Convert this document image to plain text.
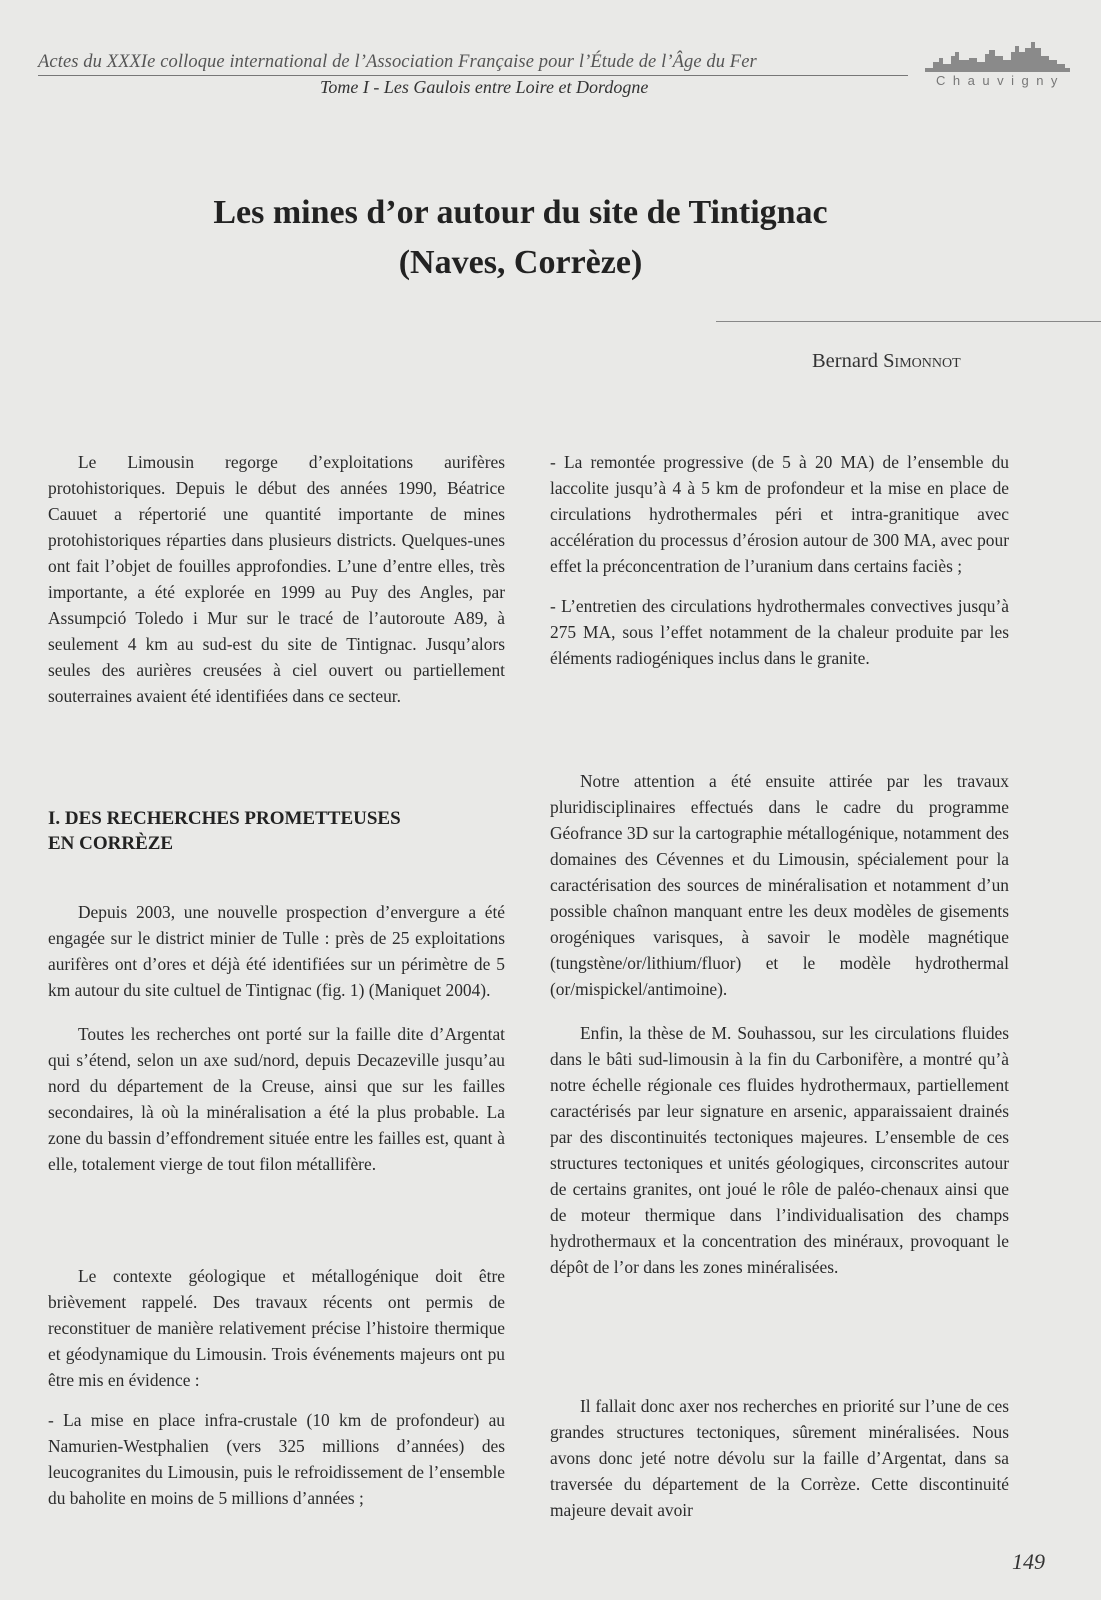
Actes du XXXIe colloque international de l’Association Française pour l’Étude de l’Âge du Fer
Tome I - Les Gaulois entre Loire et Dordogne	Chauvigny
Les mines d’or autour du site de Tintignac
(Naves, Corrèze)
Bernard Simonnot

Le Limousin regorge d’exploitations aurifères protohistoriques. Depuis le début des années 1990, Béatrice Cauuet a répertorié une quantité importante de mines protohistoriques réparties dans plusieurs districts. Quelques-unes ont fait l’objet de fouilles approfondies. L’une d’entre elles, très importante, a été explorée en 1999 au Puy des Angles, par Assumpció Toledo i Mur sur le tracé de l’autoroute A89, à seulement 4 km au sud-est du site de Tintignac. Jusqu’alors seules des aurières creusées à ciel ouvert ou partiellement souterraines avaient été identifiées dans ce secteur.

I. DES RECHERCHES PROMETTEUSES
EN CORRÈZE

Depuis 2003, une nouvelle prospection d’envergure a été engagée sur le district minier de Tulle : près de 25 exploitations aurifères ont d’ores et déjà été identifiées sur un périmètre de 5 km autour du site cultuel de Tintignac (fig. 1) (Maniquet 2004).

Toutes les recherches ont porté sur la faille dite d’Argentat qui s’étend, selon un axe sud/nord, depuis Decazeville jusqu’au nord du département de la Creuse, ainsi que sur les failles secondaires, là où la minéralisation a été la plus probable. La zone du bassin d’effondrement située entre les failles est, quant à elle, totalement vierge de tout filon métallifère.

Le contexte géologique et métallogénique doit être brièvement rappelé. Des travaux récents ont permis de reconstituer de manière relativement précise l’histoire thermique et géodynamique du Limousin. Trois événements majeurs ont pu être mis en évidence :

- La mise en place infra-crustale (10 km de profondeur) au Namurien-Westphalien (vers 325 millions d’années) des leucogranites du Limousin, puis le refroidissement de l’ensemble du baholite en moins de 5 millions d’années ;

- La remontée progressive (de 5 à 20 MA) de l’ensemble du laccolite jusqu’à 4 à 5 km de profondeur et la mise en place de circulations hydrothermales péri et intra-granitique avec accélération du processus d’érosion autour de 300 MA, avec pour effet la préconcentration de l’uranium dans certains faciès ;

- L’entretien des circulations hydrothermales convectives jusqu’à 275 MA, sous l’effet notamment de la chaleur produite par les éléments radiogéniques inclus dans le granite.

Notre attention a été ensuite attirée par les travaux pluridisciplinaires effectués dans le cadre du programme Géofrance 3D sur la cartographie métallogénique, notamment des domaines des Cévennes et du Limousin, spécialement pour la caractérisation des sources de minéralisation et notamment d’un possible chaînon manquant entre les deux modèles de gisements orogéniques varisques, à savoir le modèle magnétique (tungstène/or/lithium/fluor) et le modèle hydrothermal (or/mispickel/antimoine).

Enfin, la thèse de M. Souhassou, sur les circulations fluides dans le bâti sud-limousin à la fin du Carbonifère, a montré qu’à notre échelle régionale ces fluides hydrothermaux, partiellement caractérisés par leur signature en arsenic, apparaissaient drainés par des discontinuités tectoniques majeures. L’ensemble de ces structures tectoniques et unités géologiques, circonscrites autour de certains granites, ont joué le rôle de paléo-chenaux ainsi que de moteur thermique dans l’individualisation des champs hydrothermaux et la concentration des minéraux, provoquant le dépôt de l’or dans les zones minéralisées.

Il fallait donc axer nos recherches en priorité sur l’une de ces grandes structures tectoniques, sûrement minéralisées. Nous avons donc jeté notre dévolu sur la faille d’Argentat, dans sa traversée du département de la Corrèze. Cette discontinuité majeure devait avoir

149
